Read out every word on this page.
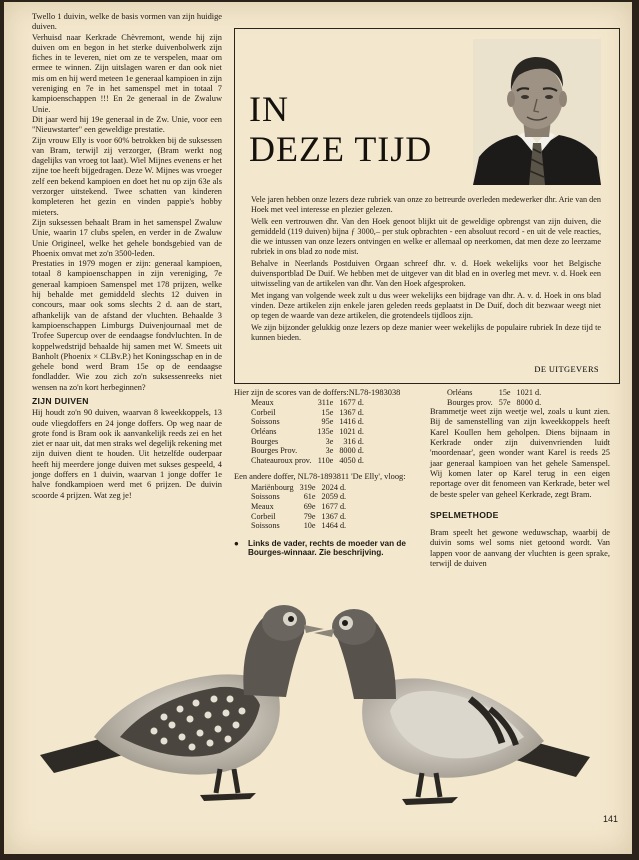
Twello 1 duivin, welke de basis vormen van zijn huidige duiven.

Verhuisd naar Kerkrade Chèvremont, wende hij zijn duiven om en begon in het sterke duivenbolwerk zijn fiches in te leveren, niet om ze te verspelen, maar om ermee te winnen. Zijn uitslagen waren er dan ook niet mis om en hij werd meteen 1e generaal kampioen in zijn vereniging en 7e in het samenspel met in totaal 7 kampioenschappen !!! En 2e generaal in de Zwaluw Unie.

Dit jaar werd hij 19e generaal in de Zw. Unie, voor een "Nieuwstarter" een geweldige prestatie.

Zijn vrouw Elly is voor 60% betrokken bij de suksessen van Bram, terwijl zij verzorger, (Bram werkt nog dagelijks van vroeg tot laat). Wiel Mijnes evenens er het zijne toe heeft bijgedragen. Deze W. Mijnes was vroeger zelf een bekend kampioen en doet het nu op zijn 63e als verzorger uitstekend. Twee schatten van kinderen kompleteren het gezin en vinden pappie's hobby mieters.

Zijn suksessen behaalt Bram in het samenspel Zwaluw Unie, waarin 17 clubs spelen, en verder in de Zwaluw Unie Origineel, welke het gehele bondsgebied van de Phoenix omvat met zo'n 3500-leden.

Prestaties in 1979 mogen er zijn: generaal kampioen, totaal 8 kampioenschappen in zijn vereniging, 7e generaal kampioen Samenspel met 178 prijzen, welke hij behalde met gemiddeld slechts 12 duiven in concours, maar ook soms slechts 2 d. aan de start, afhankelijk van de afstand der vluchten. Behaalde 3 kampioenschappen Limburgs Duivenjournaal met de Trofee Supercup over de eendaagse fondvluchten. In de koppelwedstrijd behaalde hij samen met W. Smeets uit Banholt (Phoenix × CLBv.P.) het Koningsschap en in de gehele bond werd Bram 15e op de eendaagse fondladder. Wie zou zich zo'n suksessenreeks niet wensen na zo'n kort herbeginnen?

ZIJN DUIVEN

Hij houdt zo'n 90 duiven, waarvan 8 kweekkoppels, 13 oude vliegdoffers en 24 jonge doffers. Op weg naar de grote fond is Bram ook ik aanvankelijk reeds zei en het ziet er naar uit, dat men straks wel degelijk rekening met zijn duiven dient te houden. Uit hetzelfde ouderpaar heeft hij meerdere jonge duiven met sukses gespeeld, 4 jonge doffers en 1 duivin, waarvan 1 jonge doffer 1e halve fondkampioen werd met 6 prijzen. De duivin scoorde 4 prijzen. Wat zeg je!

IN
DEZE TIJD

Vele jaren hebben onze lezers deze rubriek van onze zo betreurde overleden medewerker dhr. Arie van den Hoek met veel interesse en plezier gelezen.

Welk een vertrouwen dhr. Van den Hoek genoot blijkt uit de geweldige opbrengst van zijn duiven, die gemiddeld (119 duiven) bijna ƒ 3000,– per stuk opbrachten - een absoluut record - en uit de vele reacties, die we intussen van onze lezers ontvingen en welke er allemaal op neerkomen, dat men deze zo leerzame rubriek in ons blad zo node mist.

Behalve in Neerlands Postduiven Orgaan schreef dhr. v. d. Hoek wekelijks voor het Belgische duivensportblad De Duif. We hebben met de uitgever van dit blad en in overleg met mevr. v. d. Hoek een uitwisseling van de artikelen van dhr. Van den Hoek afgesproken.

Met ingang van volgende week zult u dus weer wekelijks een bijdrage van dhr. A. v. d. Hoek in ons blad vinden. Deze artikelen zijn enkele jaren geleden reeds geplaatst in De Duif, doch dit bezwaar weegt niet op tegen de waarde van deze artikelen, die grotendeels tijdloos zijn.

We zijn bijzonder gelukkig onze lezers op deze manier weer wekelijks de populaire rubriek In deze tijd te kunnen bieden.

DE UITGEVERS

Hier zijn de scores van de doffers:NL78-1983038

Meaux	311e	1677 d.
Corbeil	15e	1367 d.
Soissons	95e	1416 d.
Orléans	135e	1021 d.
Bourges	3e	316 d.
Bourges Prov.	3e	8000 d.
Chateauroux prov.	110e	4050 d.

Een andere doffer, NL78-1893811 'De Elly', vloog:

Mariënbourg	319e	2024 d.
Soissons	61e	2059 d.
Meaux	69e	1677 d.
Corbeil	79e	1367 d.
Soissons	10e	1464 d.
● Links de vader, rechts de moeder van de Bourges-winnaar. Zie beschrijving.
Orléans	15e	1021 d.
Bourges prov.	57e	8000 d.

Brammetje weet zijn weetje wel, zoals u kunt zien. Bij de samenstelling van zijn kweekkoppels heeft Karel Koullen hem geholpen. Diens bijnaam in Kerkrade onder zijn duivenvrienden luidt 'moordenaar', geen wonder want Karel is reeds 25 jaar generaal kampioen van het gehele Samenspel. Wij komen later op Karel terug in een eigen reportage over dit fenomeen van Kerkrade, beter wel de beste speler van geheel Kerkrade, zegt Bram.

SPELMETHODE

Bram speelt het gewone weduwschap, waarbij de duivin soms wel soms niet getoond wordt. Van lappen voor de aanvang der vluchten is geen sprake, terwijl de duiven

141
